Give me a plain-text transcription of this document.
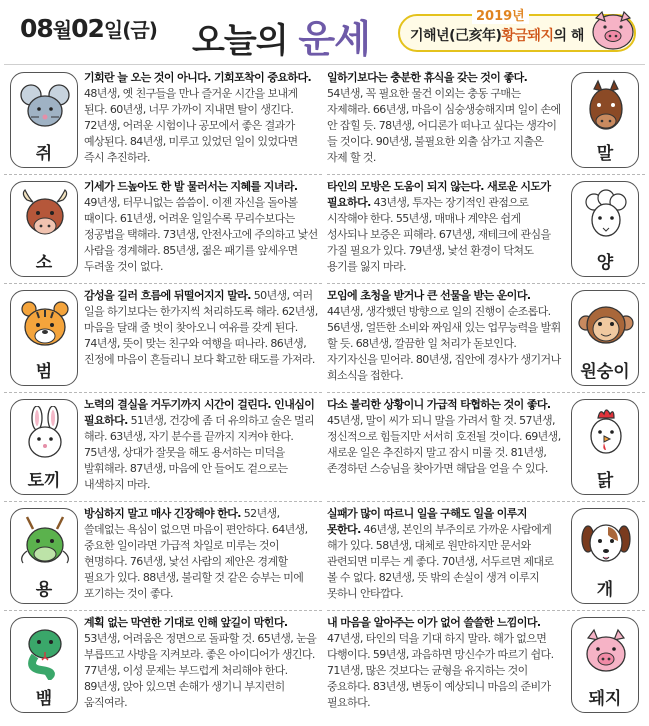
08월02일(금) 오늘의 운세
2019년
기해년(己亥年)황금돼지의 해
쥐
기회란 늘 오는 것이 아니다. 기회포착이 중요하다. 48년생, 옛 친구들을 만나 즐거운 시간을 보내게 된다. 60년생, 너무 가까이 지내면 탈이 생긴다. 72년생, 어려운 시험이나 공모에서 좋은 결과가 예상된다. 84년생, 미루고 있었던 일이 있었다면 즉시 추진하라.
소
기세가 드높아도 한 발 물러서는 지혜를 지녀라. 49년생, 터무니없는 씀씀이. 이젠 자신을 돌아볼 때이다. 61년생, 어려운 일일수록 무리수보다는 정공법을 택해라. 73년생, 안전사고에 주의하고 낯선 사람을 경계해라. 85년생, 젊은 패기를 앞세우면 두려울 것이 없다.
범
감성을 길러 흐름에 뒤떨어지지 말라. 50년생, 여러 일을 하기보다는 한가지씩 처리하도록 해라. 62년생, 마음을 달래 줄 벗이 찾아오니 여유를 갖게 된다. 74년생, 뜻이 맞는 친구와 여행을 떠나라. 86년생, 진정에 마음이 흔들리니 보다 확고한 태도를 가져라.
토끼
노력의 결실을 거두기까지 시간이 걸린다. 인내심이 필요하다. 51년생, 건강에 좀 더 유의하고 술은 멀리 해라. 63년생, 자기 분수를 끝까지 지켜야 한다. 75년생, 상대가 잘못을 해도 용서하는 미덕을 발휘해라. 87년생, 마음에 안 들어도 겉으로는 내색하지 마라.
용
방심하지 말고 매사 긴장해야 한다. 52년생, 쓸데없는 욕심이 없으면 마음이 편안하다. 64년생, 중요한 일이라면 가급적 차일로 미루는 것이 현명하다. 76년생, 낯선 사람의 제안은 경계할 필요가 있다. 88년생, 불리할 것 같은 승부는 미에 포기하는 것이 좋다.
뱀
계획 없는 막연한 기대로 인해 앞길이 막힌다. 53년생, 어려움은 정면으로 돌파할 것. 65년생, 눈을 부릅뜨고 사방을 지켜보라. 좋은 아이디어가 생긴다. 77년생, 이성 문제는 부드럽게 처리해야 한다. 89년생, 앉아 있으면 손해가 생기니 부지런히 움직여라.
일하기보다는 충분한 휴식을 갖는 것이 좋다. 54년생, 꼭 필요한 물건 이외는 충동 구매는 자제해라. 66년생, 마음이 심숭생숭해지며 일이 손에 안 잡힐 듯. 78년생, 어디론가 떠나고 싶다는 생각이 들 것이다. 90년생, 불필요한 외출 삼가고 지출은 자제 할 것.	말
타인의 모방은 도움이 되지 않는다. 새로운 시도가 필요하다. 43년생, 투자는 장기적인 관점으로 시작해야 한다. 55년생, 매매나 계약은 쉽게 성사되나 보증은 피해라. 67년생, 재테크에 관심을 가질 필요가 있다. 79년생, 낯선 환경이 닥쳐도 용기를 잃지 마라.	양
모임에 초청을 받거나 큰 선물을 받는 운이다. 44년생, 생각했던 방향으로 일의 진행이 순조롭다. 56년생, 얼뜬한 소비와 짜임새 있는 업무능력을 발휘 할 듯. 68년생, 깔끔한 일 처리가 돋보인다. 자기자신을 믿어라. 80년생, 집안에 경사가 생기거나 희소식을 접한다.	원숭이
다소 불리한 상황이니 가급적 타협하는 것이 좋다. 45년생, 말이 씨가 되니 말을 가려서 할 것. 57년생, 정신적으로 힘들지만 서서히 호전될 것이다. 69년생, 새로운 일은 추진하지 말고 잠시 미룰 것. 81년생, 존경하던 스승님을 찾아가면 해답을 얻을 수 있다.
닭
실패가 많이 따르니 일을 구해도 일을 이루지 못한다. 46년생, 본인의 부주의로 가까운 사람에게 해가 있다. 58년생, 대체로 원만하지만 문서와 관련되면 미루는 게 좋다. 70년생, 서두르면 제대로 볼 수 없다. 82년생, 뜻 밖의 손실이 생겨 이루지 못하니 안타깝다.	개
내 마음을 알아주는 이가 없어 쓸쓸한 느낌이다. 47년생, 타인의 덕을 기대 하지 말라. 해가 없으면 다행이다. 59년생, 과음하면 망신수가 따르기 쉽다. 71년생, 많은 것보다는 균형을 유지하는 것이 중요하다. 83년생, 변동이 예상되니 마음의 준비가 필요하다.	돼지
